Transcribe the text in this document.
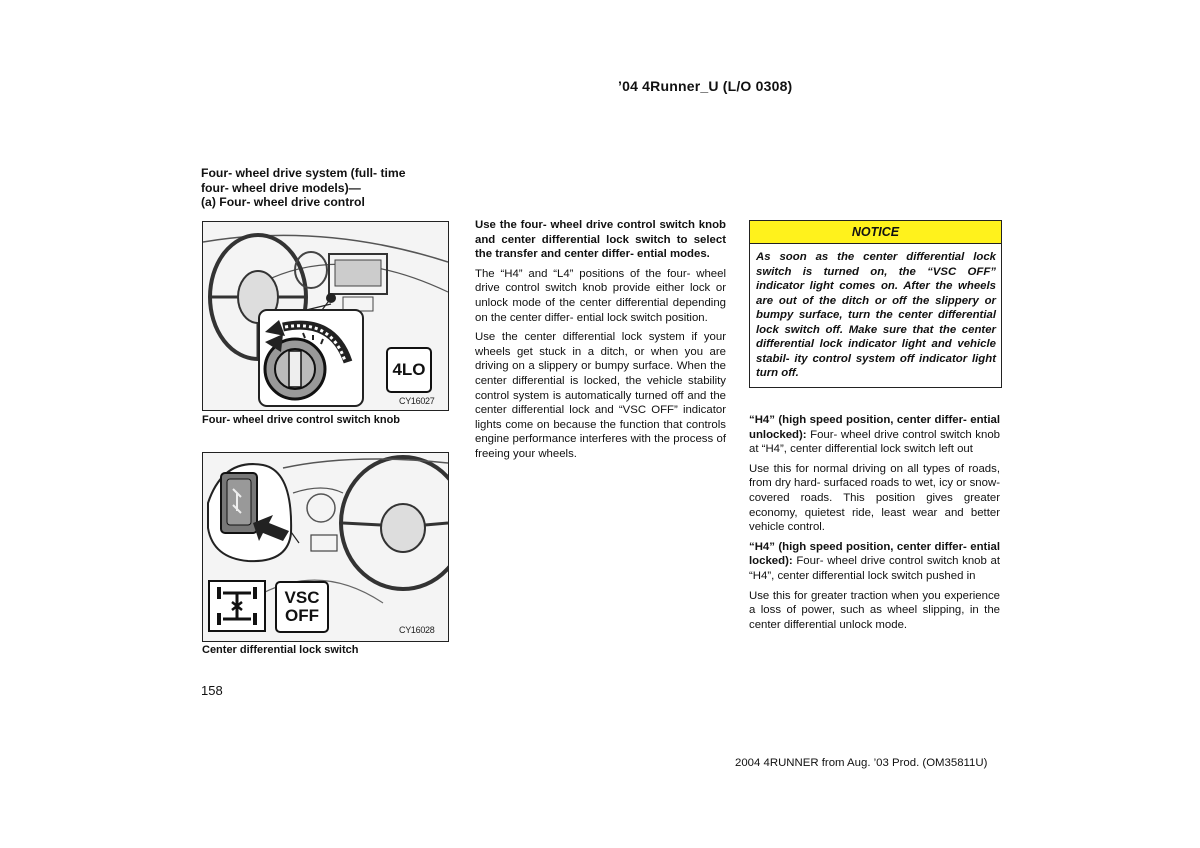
’04 4Runner_U (L/O 0308)
Four- wheel drive system (full- time
four- wheel drive models)—
(a) Four- wheel drive control
4LO
CY16027
Four- wheel drive control switch knob
VSC
OFF
CY16028
Center differential lock switch

Use the four- wheel drive control switch knob and center differential lock switch to select the transfer and center differ- ential modes.

The “H4” and “L4” positions of the four- wheel drive control switch knob provide either lock or unlock mode of the center differential depending on the center differ- ential lock switch position.

Use the center differential lock system if your wheels get stuck in a ditch, or when you are driving on a slippery or bumpy surface. When the center differential is locked, the vehicle stability control system is automatically turned off and the center differential lock and “VSC OFF” indicator lights come on because the function that controls engine performance interferes with the process of freeing your wheels.

NOTICE
As soon as the center differential lock switch is turned on, the “VSC OFF” indicator light comes on. After the wheels are out of the ditch or off the slippery or bumpy surface, turn the center differential lock switch off. Make sure that the center differential lock indicator light and vehicle stabil- ity control system off indicator light turn off.

“H4” (high speed position, center differ- ential unlocked): Four- wheel drive control switch knob at “H4”, center differential lock switch left out

Use this for normal driving on all types of roads, from dry hard- surfaced roads to wet, icy or snow- covered roads. This position gives greater economy, quietest ride, least wear and better vehicle control.

“H4” (high speed position, center differ- ential locked): Four- wheel drive control switch knob at “H4”, center differential lock switch pushed in

Use this for greater traction when you experience a loss of power, such as wheel slipping, in the center differential unlock mode.

158
2004 4RUNNER from Aug. ’03 Prod. (OM35811U)
